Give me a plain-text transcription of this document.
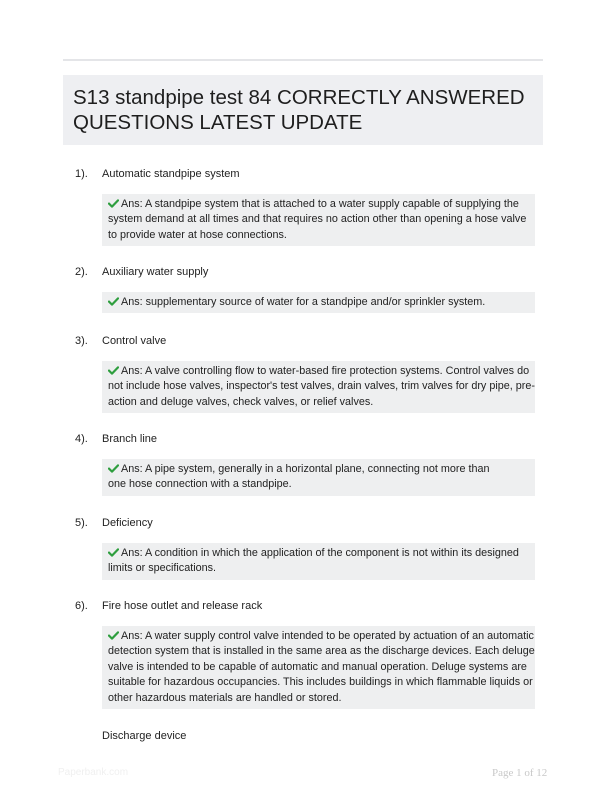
S13 standpipe test 84 CORRECTLY ANSWERED
QUESTIONS LATEST UPDATE
1). Automatic standpipe system
Ans: A standpipe system that is attached to a water supply capable of supplying the
system demand at all times and that requires no action other than opening a hose valve
to provide water at hose connections.
2). Auxiliary water supply
Ans: supplementary source of water for a standpipe and/or sprinkler system.
3). Control valve
Ans: A valve controlling flow to water-based fire protection systems. Control valves do
not include hose valves, inspector's test valves, drain valves, trim valves for dry pipe, pre-
action and deluge valves, check valves, or relief valves.
4). Branch line
Ans: A pipe system, generally in a horizontal plane, connecting not more than
one hose connection with a standpipe.
5). Deficiency
Ans: A condition in which the application of the component is not within its designed
limits or specifications.
6). Fire hose outlet and release rack
Ans: A water supply control valve intended to be operated by actuation of an automatic
detection system that is installed in the same area as the discharge devices. Each deluge
valve is intended to be capable of automatic and manual operation. Deluge systems are
suitable for hazardous occupancies. This includes buildings in which flammable liquids or
other hazardous materials are handled or stored.
Discharge device
Paperbank.com	Page 1 of 12
